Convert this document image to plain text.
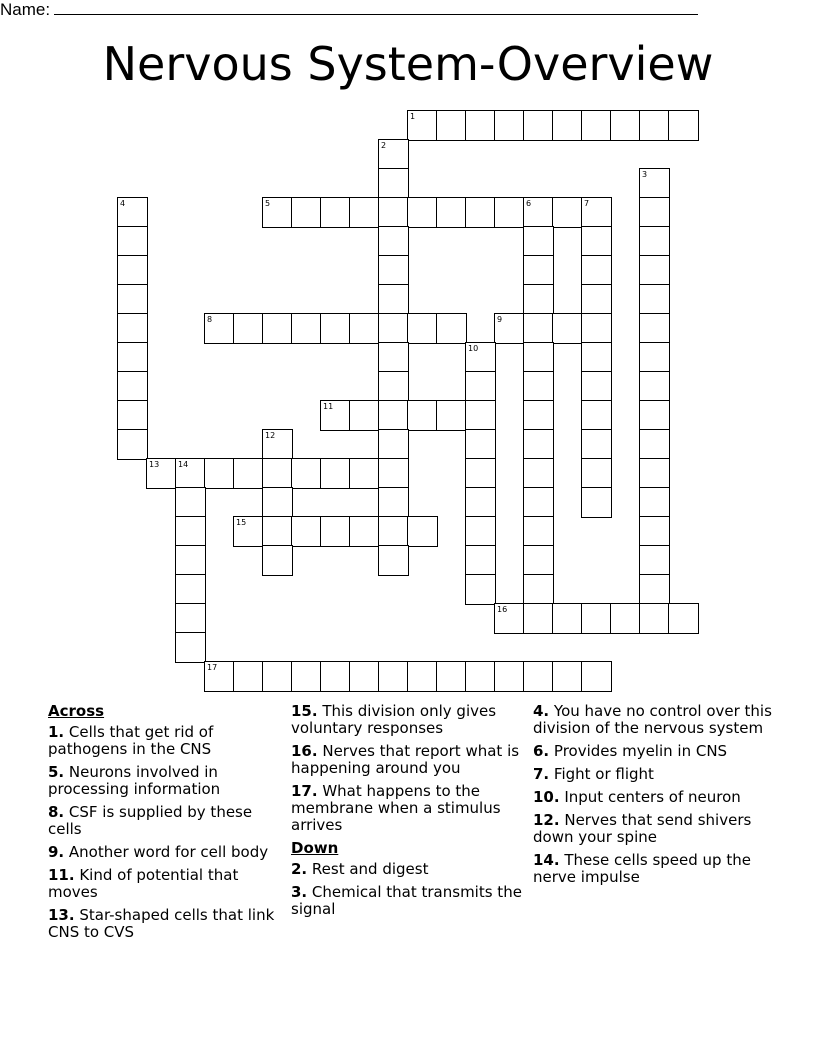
Name:
Nervous System-Overview
1
2
3
4	5	6	7
8	9
10
11
12
13 14
15
16
17
Across
1. Cells that get rid of pathogens in the CNS
5. Neurons involved in processing information
8. CSF is supplied by these cells
9. Another word for cell body
11. Kind of potential that moves
13. Star-shaped cells that link CNS to CVS
15. This division only gives voluntary responses
16. Nerves that report what is happening around you
17. What happens to the membrane when a stimulus arrives
Down
2. Rest and digest
3. Chemical that transmits the signal
4. You have no control over this division of the nervous system
6. Provides myelin in CNS
7. Fight or flight
10. Input centers of neuron
12. Nerves that send shivers down your spine
14. These cells speed up the nerve impulse
